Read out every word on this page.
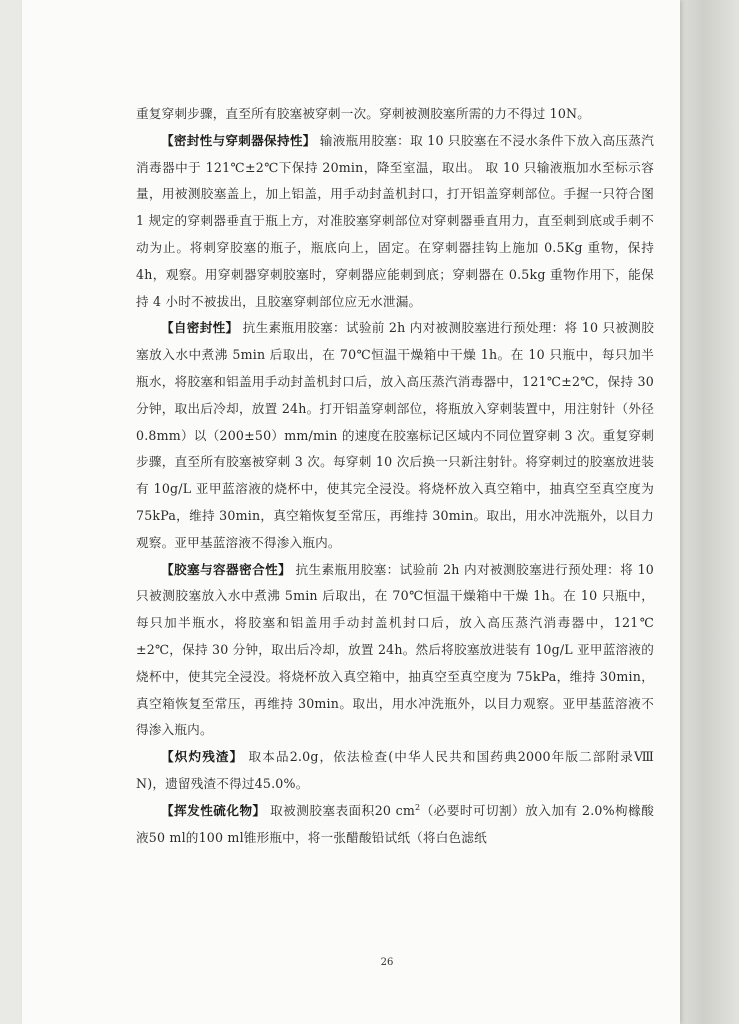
重复穿刺步骤，直至所有胶塞被穿刺一次。穿刺被测胶塞所需的力不得过 10N。

【密封性与穿刺器保持性】 输液瓶用胶塞：取 10 只胶塞在不浸水条件下放入高压蒸汽消毒器中于 121℃±2℃下保持 20min，降至室温，取出。 取 10 只输液瓶加水至标示容量，用被测胶塞盖上，加上铝盖，用手动封盖机封口，打开铝盖穿刺部位。手握一只符合图 1 规定的穿刺器垂直于瓶上方，对准胶塞穿刺部位对穿刺器垂直用力，直至刺到底或手刺不动为止。将刺穿胶塞的瓶子，瓶底向上，固定。在穿刺器挂钩上施加 0.5Kg 重物，保持 4h，观察。用穿刺器穿刺胶塞时，穿刺器应能刺到底；穿刺器在 0.5kg 重物作用下，能保持 4 小时不被拔出，且胶塞穿刺部位应无水泄漏。

【自密封性】 抗生素瓶用胶塞：试验前 2h 内对被测胶塞进行预处理：将 10 只被测胶塞放入水中煮沸 5min 后取出，在 70℃恒温干燥箱中干燥 1h。在 10 只瓶中，每只加半瓶水，将胶塞和铝盖用手动封盖机封口后，放入高压蒸汽消毒器中，121℃±2℃，保持 30 分钟，取出后冷却，放置 24h。打开铝盖穿刺部位，将瓶放入穿刺装置中，用注射针（外径 0.8mm）以（200±50）mm/min 的速度在胶塞标记区域内不同位置穿刺 3 次。重复穿刺步骤，直至所有胶塞被穿刺 3 次。每穿刺 10 次后换一只新注射针。将穿刺过的胶塞放进装有 10g/L 亚甲蓝溶液的烧杯中，使其完全浸没。将烧杯放入真空箱中，抽真空至真空度为 75kPa，维持 30min，真空箱恢复至常压，再维持 30min。取出，用水冲洗瓶外，以目力观察。亚甲基蓝溶液不得渗入瓶内。

【胶塞与容器密合性】 抗生素瓶用胶塞：试验前 2h 内对被测胶塞进行预处理：将 10 只被测胶塞放入水中煮沸 5min 后取出，在 70℃恒温干燥箱中干燥 1h。在 10 只瓶中，每只加半瓶水，将胶塞和铝盖用手动封盖机封口后，放入高压蒸汽消毒器中，121℃±2℃，保持 30 分钟，取出后冷却，放置 24h。然后将胶塞放进装有 10g/L 亚甲蓝溶液的烧杯中，使其完全浸没。将烧杯放入真空箱中，抽真空至真空度为 75kPa，维持 30min，真空箱恢复至常压，再维持 30min。取出，用水冲洗瓶外，以目力观察。亚甲基蓝溶液不得渗入瓶内。

【炽灼残渣】 取本品2.0g，依法检查(中华人民共和国药典2000年版二部附录Ⅷ N)，遗留残渣不得过45.0%。

【挥发性硫化物】 取被测胶塞表面积20 $cm^2$（必要时可切割）放入加有 2.0%枸橼酸液50 ml的100 ml锥形瓶中，将一张醋酸铅试纸（将白色滤纸

26
